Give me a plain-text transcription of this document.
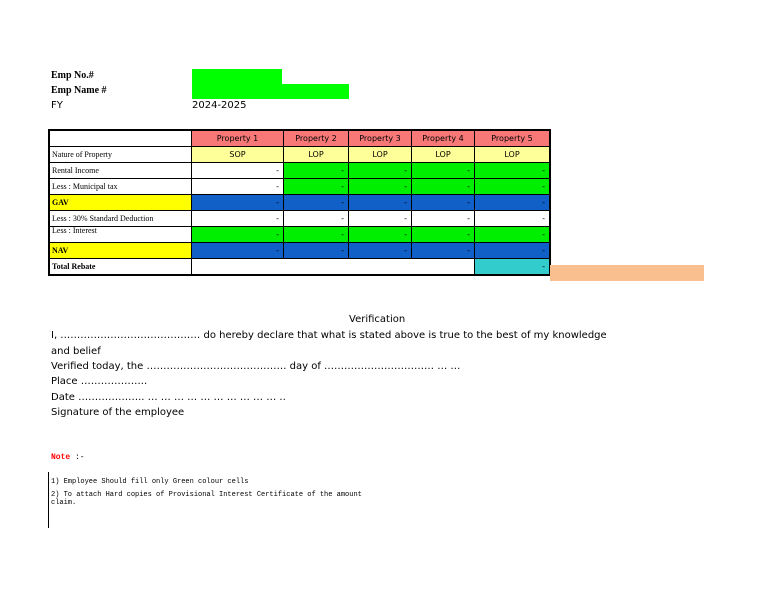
Emp No.#
Emp Name #
FY	2024-2025
	Property 1	Property 2	Property 3	Property 4	Property 5
Nature of Property	SOP	LOP	LOP	LOP	LOP
Rental Income	-	-	-	-	-
Less : Municipal tax	-	-	-	-	-
GAV	-	-	-	-	-
Less : 30% Standard Deduction	-	-	-	-	-
Less : Interest	-	-	-	-	-
NAV	-	-	-	-	-
Total Rebate					-
Verification
I, …………………………………… do hereby declare that what is stated above is true to the best of my knowledge
and belief
Verified today, the …………………………………… day of …………………………… … …
Place ………………..
Date ……………….. … … … … … … … … … … ..
Signature of the employee
Note :-
1) Employee Should fill only Green colour cells
2) To attach Hard copies of Provisional Interest Certificate of the amount
claim.
